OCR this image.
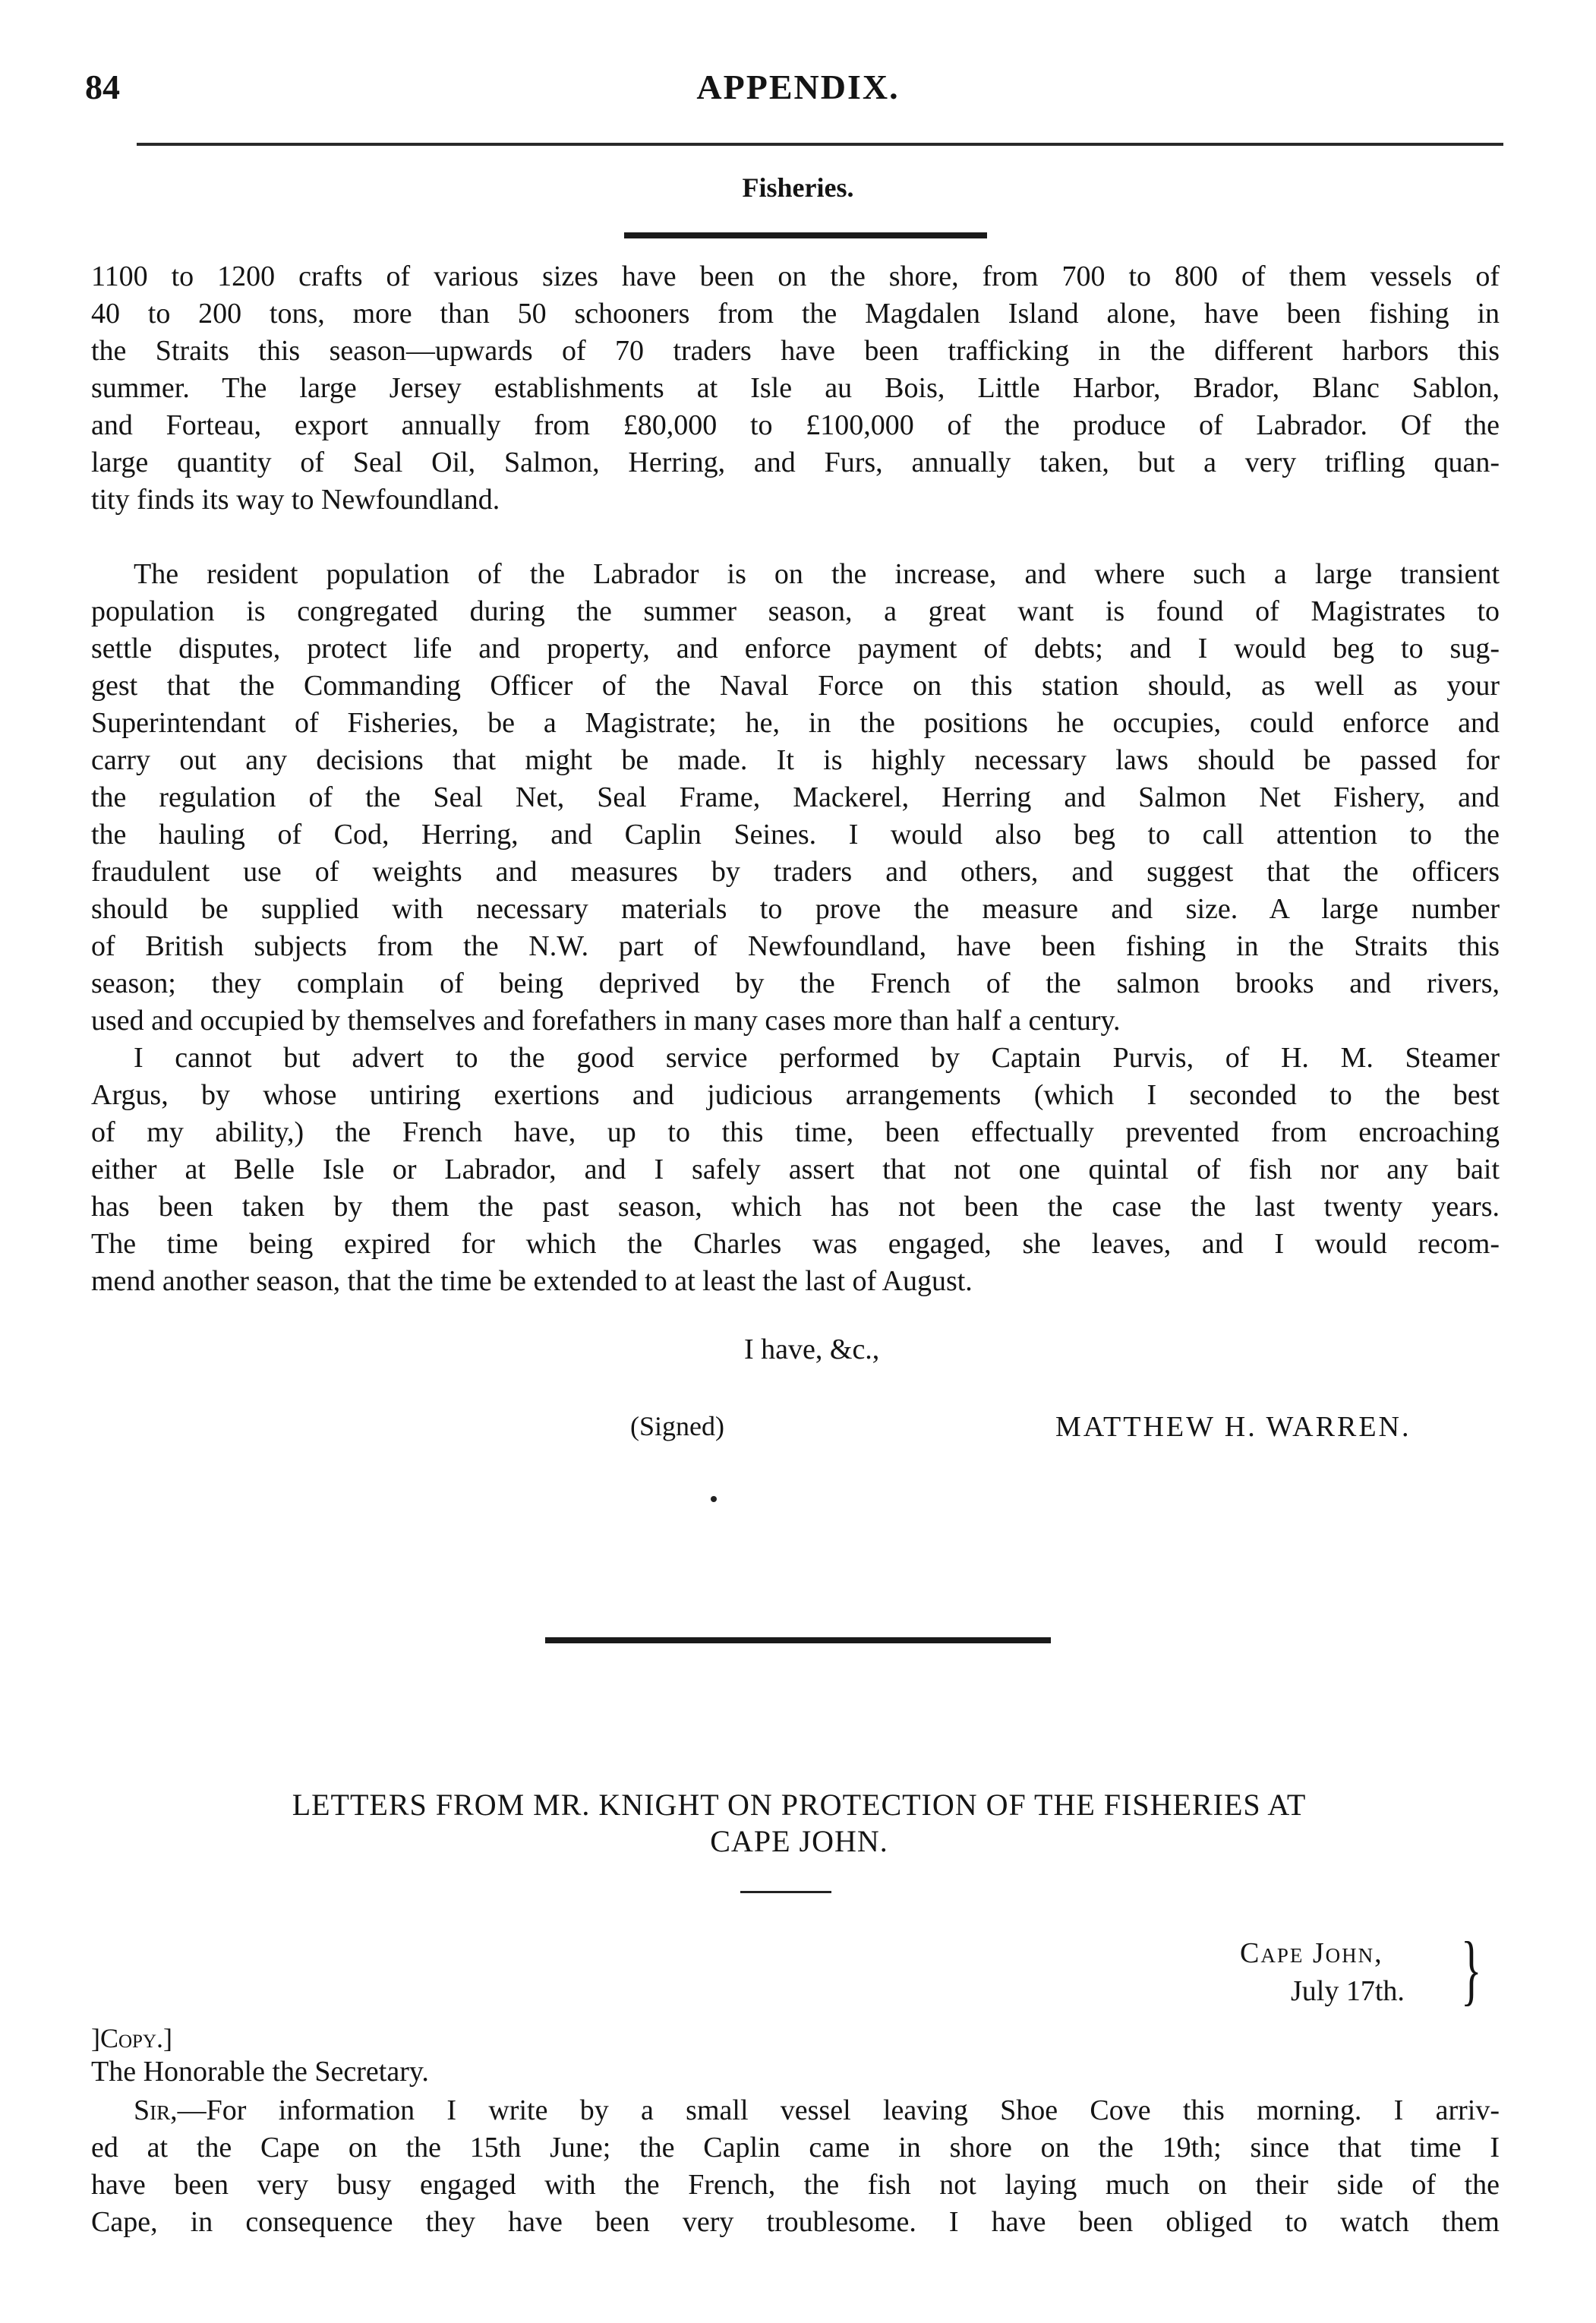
84	APPENDIX.
Fisheries.
1100 to 1200 crafts of various sizes have been on the shore, from 700 to 800 of them vessels of
40 to 200 tons, more than 50 schooners from the Magdalen Island alone, have been fishing in
the Straits this season—upwards of 70 traders have been trafficking in the different harbors this
summer. The large Jersey establishments at Isle au Bois, Little Harbor, Brador, Blanc Sablon,
and Forteau, export annually from £80,000 to £100,000 of the produce of Labrador. Of the
large quantity of Seal Oil, Salmon, Herring, and Furs, annually taken, but a very trifling quan-
tity finds its way to Newfoundland.
The resident population of the Labrador is on the increase, and where such a large transient
population is congregated during the summer season, a great want is found of Magistrates to
settle disputes, protect life and property, and enforce payment of debts; and I would beg to sug-
gest that the Commanding Officer of the Naval Force on this station should, as well as your
Superintendant of Fisheries, be a Magistrate; he, in the positions he occupies, could enforce and
carry out any decisions that might be made. It is highly necessary laws should be passed for
the regulation of the Seal Net, Seal Frame, Mackerel, Herring and Salmon Net Fishery, and
the hauling of Cod, Herring, and Caplin Seines. I would also beg to call attention to the
fraudulent use of weights and measures by traders and others, and suggest that the officers
should be supplied with necessary materials to prove the measure and size. A large number
of British subjects from the N.W. part of Newfoundland, have been fishing in the Straits this
season; they complain of being deprived by the French of the salmon brooks and rivers,
used and occupied by themselves and forefathers in many cases more than half a century.
I cannot but advert to the good service performed by Captain Purvis, of H. M. Steamer
Argus, by whose untiring exertions and judicious arrangements (which I seconded to the best
of my ability,) the French have, up to this time, been effectually prevented from encroaching
either at Belle Isle or Labrador, and I safely assert that not one quintal of fish nor any bait
has been taken by them the past season, which has not been the case the last twenty years.
The time being expired for which the Charles was engaged, she leaves, and I would recom-
mend another season, that the time be extended to at least the last of August.
I have, &c.,
(Signed)	MATTHEW H. WARREN.
LETTERS FROM MR. KNIGHT ON PROTECTION OF THE FISHERIES AT
CAPE JOHN.
Cape John,
July 17th. }
]Copy.]
The Honorable the Secretary.
Sir,—For information I write by a small vessel leaving Shoe Cove this morning. I arriv-
ed at the Cape on the 15th June; the Caplin came in shore on the 19th; since that time I
have been very busy engaged with the French, the fish not laying much on their side of the
Cape, in consequence they have been very troublesome. I have been obliged to watch them
